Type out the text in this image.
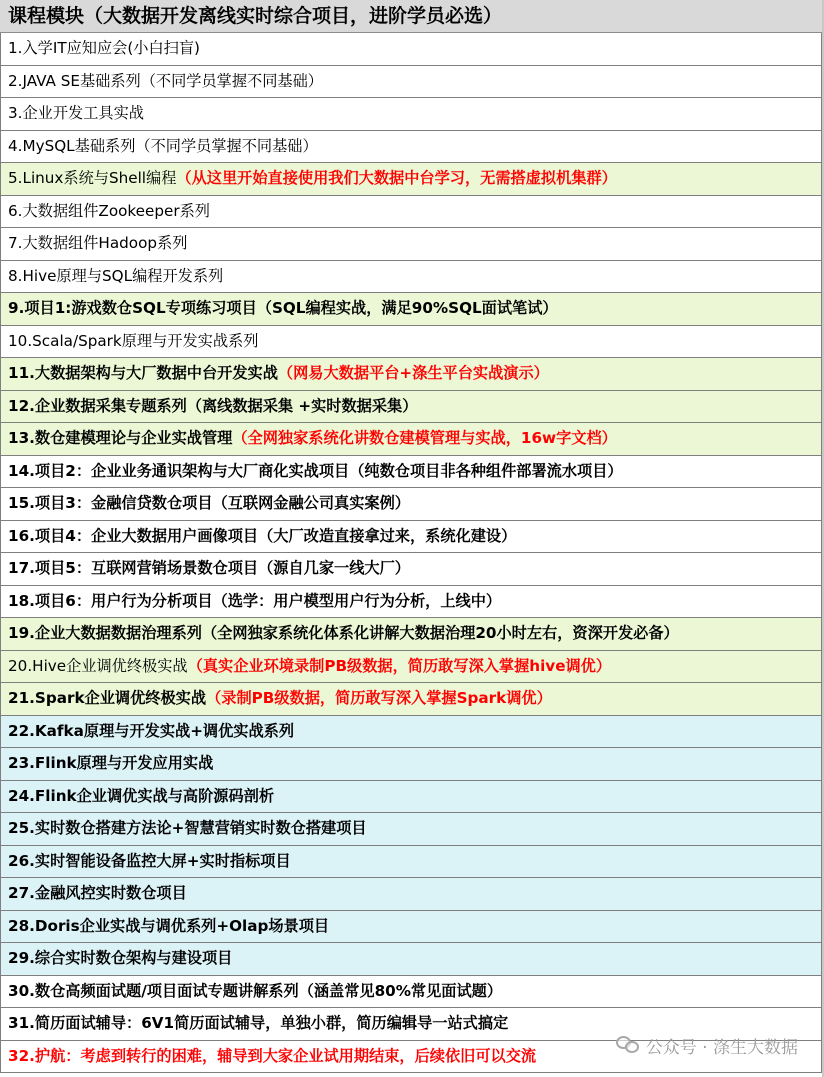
课程模块（大数据开发离线实时综合项目，进阶学员必选）
1.入学IT应知应会(小白扫盲)
2.JAVA SE基础系列（不同学员掌握不同基础）
3.企业开发工具实战
4.MySQL基础系列（不同学员掌握不同基础）
5.Linux系统与Shell编程（从这里开始直接使用我们大数据中台学习，无需搭虚拟机集群）
6.大数据组件Zookeeper系列
7.大数据组件Hadoop系列
8.Hive原理与SQL编程开发系列
9.项目1:游戏数仓SQL专项练习项目（SQL编程实战，满足90%SQL面试笔试）
10.Scala/Spark原理与开发实战系列
11.大数据架构与大厂数据中台开发实战（网易大数据平台+涤生平台实战演示）
12.企业数据采集专题系列（离线数据采集 +实时数据采集）
13.数仓建模理论与企业实战管理（全网独家系统化讲数仓建模管理与实战，16w字文档）
14.项目2：企业业务通识架构与大厂商化实战项目（纯数仓项目非各种组件部署流水项目）
15.项目3：金融信贷数仓项目（互联网金融公司真实案例）
16.项目4：企业大数据用户画像项目（大厂改造直接拿过来，系统化建设）
17.项目5：互联网营销场景数仓项目（源自几家一线大厂）
18.项目6：用户行为分析项目（选学：用户模型用户行为分析，上线中）
19.企业大数据数据治理系列（全网独家系统化体系化讲解大数据治理20小时左右，资深开发必备）
20.Hive企业调优终极实战（真实企业环境录制PB级数据，简历敢写深入掌握hive调优）
21.Spark企业调优终极实战（录制PB级数据，简历敢写深入掌握Spark调优）
22.Kafka原理与开发实战+调优实战系列
23.Flink原理与开发应用实战
24.Flink企业调优实战与高阶源码剖析
25.实时数仓搭建方法论+智慧营销实时数仓搭建项目
26.实时智能设备监控大屏+实时指标项目
27.金融风控实时数仓项目
28.Doris企业实战与调优系列+Olap场景项目
29.综合实时数仓架构与建设项目
30.数仓高频面试题/项目面试专题讲解系列（涵盖常见80%常见面试题）
31.简历面试辅导：6V1简历面试辅导，单独小群，简历编辑导一站式搞定
32.护航：考虑到转行的困难，辅导到大家企业试用期结束，后续依旧可以交流	公众号 · 涤生大数据
